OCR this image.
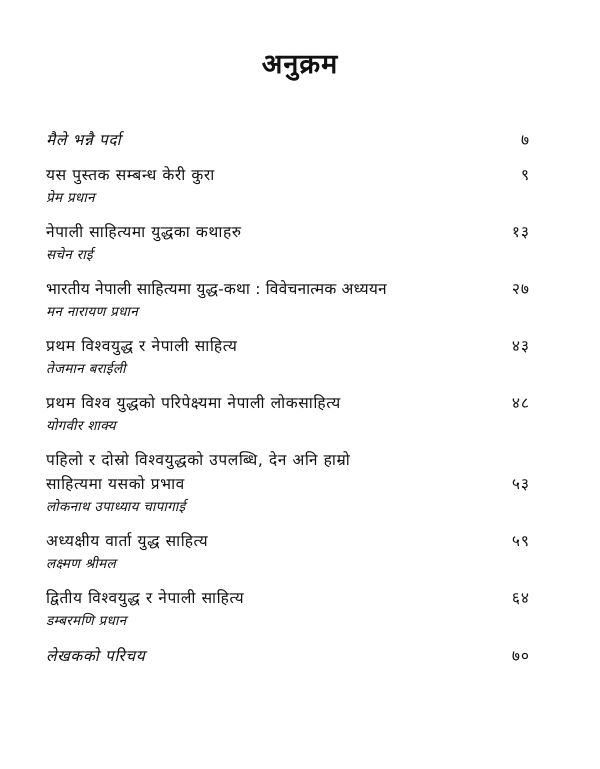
अनुक्रम
मैले भन्नै पर्दा	७
यस पुस्तक सम्बन्ध केरी कुरा	९
प्रेम प्रधान
नेपाली साहित्यमा युद्धका कथाहरु	१३
सचेन राई
भारतीय नेपाली साहित्यमा युद्ध-कथा : विवेचनात्मक अध्ययन	२७
मन नारायण प्रधान
प्रथम विश्वयुद्ध र नेपाली साहित्य	४३
तेजमान बराईली
प्रथम विश्व युद्धको परिपेक्ष्यमा नेपाली लोकसाहित्य	४८
योगवीर शाक्य
पहिलो र दोस्रो विश्वयुद्धको उपलब्धि, देन अनि हाम्रो
साहित्यमा यसको प्रभाव	५३
लोकनाथ उपाध्याय चापागाई
अध्यक्षीय वार्ता युद्ध साहित्य	५९
लक्ष्मण श्रीमल
द्वितीय विश्वयुद्ध र नेपाली साहित्य	६४
डम्बरमणि प्रधान
लेखकको परिचय	७०
